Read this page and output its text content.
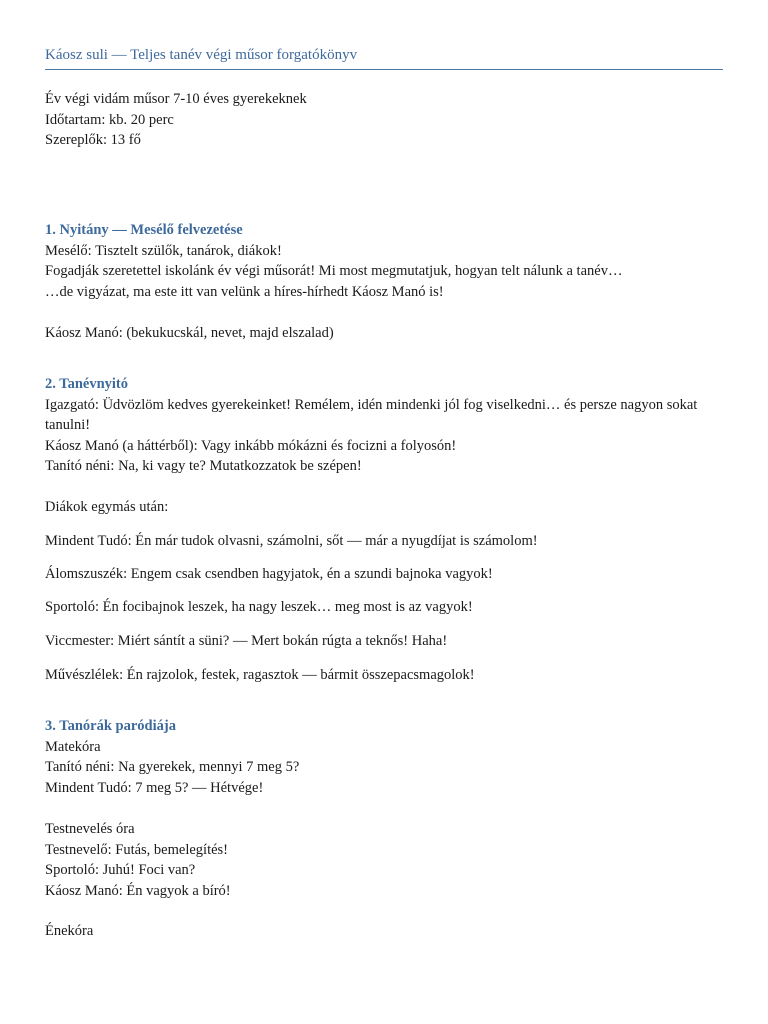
Káosz suli — Teljes tanév végi műsor forgatókönyv
Év végi vidám műsor 7-10 éves gyerekeknek
Időtartam: kb. 20 perc
Szereplők: 13 fő
1. Nyitány — Mesélő felvezetése
Mesélő: Tisztelt szülők, tanárok, diákok!
Fogadják szeretettel iskolánk év végi műsorát! Mi most megmutatjuk, hogyan telt nálunk a tanév…
…de vigyázat, ma este itt van velünk a híres-hírhedt Káosz Manó is!
Káosz Manó: (bekukucskál, nevet, majd elszalad)
2. Tanévnyitó
Igazgató: Üdvözlöm kedves gyerekeinket! Remélem, idén mindenki jól fog viselkedni… és persze nagyon sokat tanulni!
Káosz Manó (a háttérből): Vagy inkább mókázni és focizni a folyosón!
Tanító néni: Na, ki vagy te? Mutatkozzatok be szépen!
Diákok egymás után:
Mindent Tudó: Én már tudok olvasni, számolni, sőt — már a nyugdíjat is számolom!
Álomszuszék: Engem csak csendben hagyjatok, én a szundi bajnoka vagyok!
Sportoló: Én focibajnok leszek, ha nagy leszek… meg most is az vagyok!
Viccmester: Miért sántít a süni? — Mert bokán rúgta a teknős! Haha!
Művészlélek: Én rajzolok, festek, ragasztok — bármit összepacsmagolok!
3. Tanórák paródiája
Matekóra
Tanító néni: Na gyerekek, mennyi 7 meg 5?
Mindent Tudó: 7 meg 5? — Hétvége!
Testnevelés óra
Testnevelő: Futás, bemelegítés!
Sportoló: Juhú! Foci van?
Káosz Manó: Én vagyok a bíró!
Énekóra
